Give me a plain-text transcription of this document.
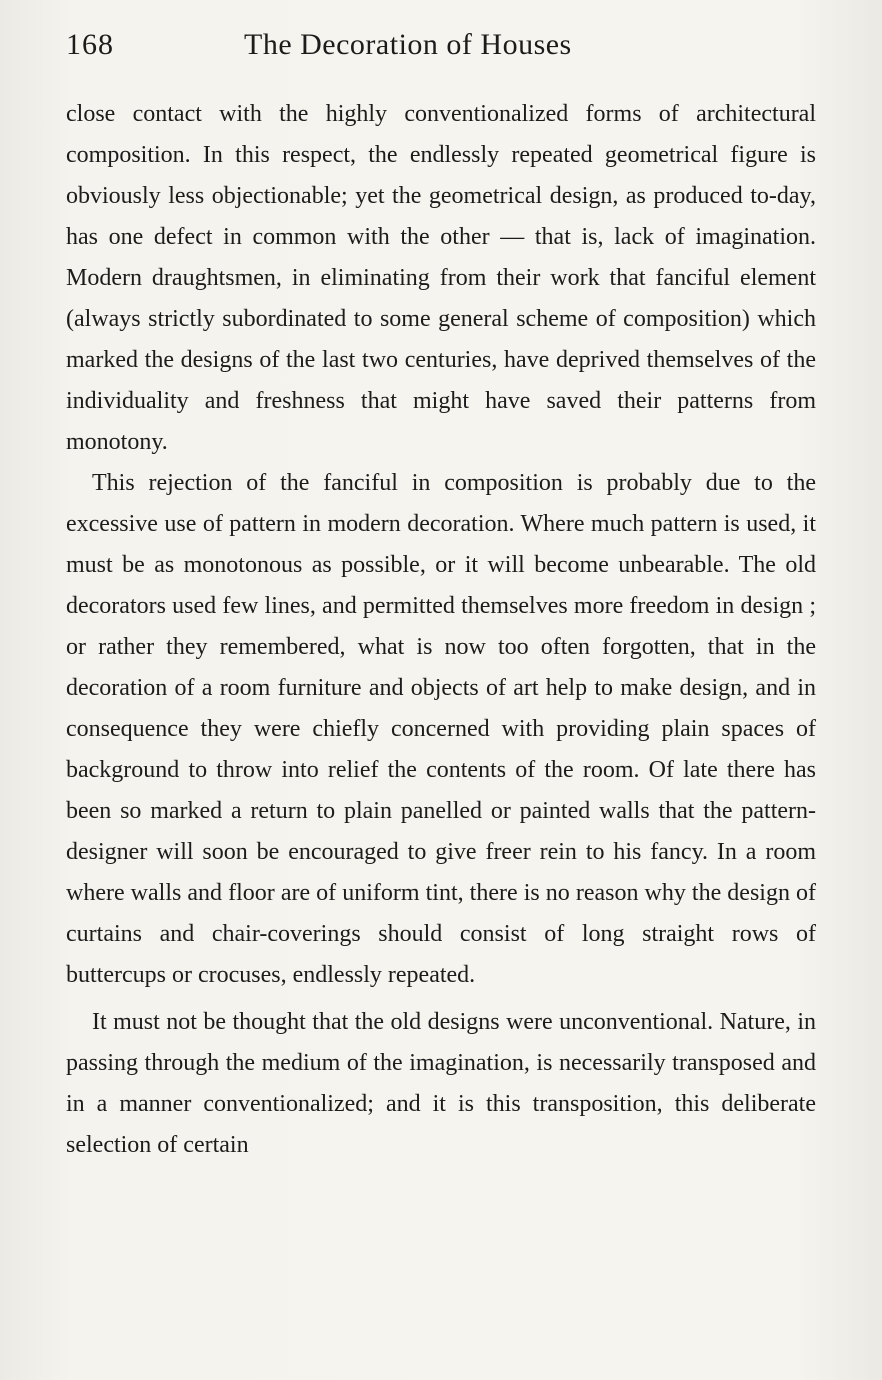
168	The Decoration of Houses

close contact with the highly conventionalized forms of architectural composition. In this respect, the endlessly repeated geometrical figure is obviously less objectionable; yet the geometrical design, as produced to-day, has one defect in common with the other — that is, lack of imagination. Modern draughtsmen, in eliminating from their work that fanciful element (always strictly subordinated to some general scheme of composition) which marked the designs of the last two centuries, have deprived themselves of the individuality and freshness that might have saved their patterns from monotony.

This rejection of the fanciful in composition is probably due to the excessive use of pattern in modern decoration. Where much pattern is used, it must be as monotonous as possible, or it will become unbearable. The old decorators used few lines, and permitted themselves more freedom in design ; or rather they remembered, what is now too often forgotten, that in the decoration of a room furniture and objects of art help to make design, and in consequence they were chiefly concerned with providing plain spaces of background to throw into relief the contents of the room. Of late there has been so marked a return to plain panelled or painted walls that the pattern-designer will soon be encouraged to give freer rein to his fancy. In a room where walls and floor are of uniform tint, there is no reason why the design of curtains and chair-coverings should consist of long straight rows of buttercups or crocuses, endlessly repeated.

It must not be thought that the old designs were unconventional. Nature, in passing through the medium of the imagination, is necessarily transposed and in a manner conventionalized; and it is this transposition, this deliberate selection of certain
